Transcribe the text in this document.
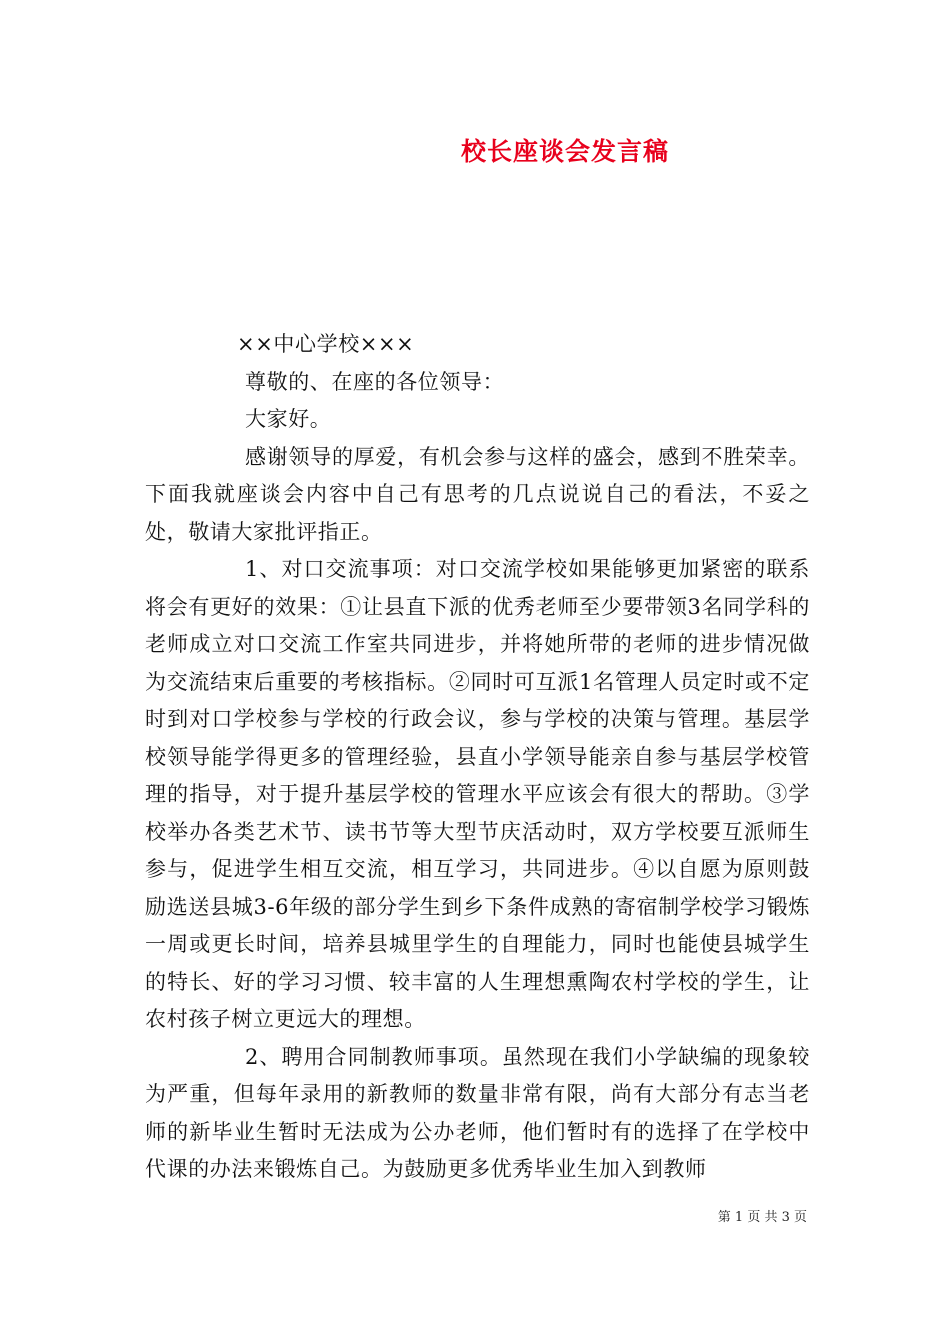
校长座谈会发言稿

××中心学校×××

尊敬的、在座的各位领导：

大家好。

感谢领导的厚爱，有机会参与这样的盛会，感到不胜荣幸。下面我就座谈会内容中自己有思考的几点说说自己的看法，不妥之处，敬请大家批评指正。

1、对口交流事项：对口交流学校如果能够更加紧密的联系将会有更好的效果：①让县直下派的优秀老师至少要带领3名同学科的老师成立对口交流工作室共同进步，并将她所带的老师的进步情况做为交流结束后重要的考核指标。②同时可互派1名管理人员定时或不定时到对口学校参与学校的行政会议，参与学校的决策与管理。基层学校领导能学得更多的管理经验，县直小学领导能亲自参与基层学校管理的指导，对于提升基层学校的管理水平应该会有很大的帮助。③学校举办各类艺术节、读书节等大型节庆活动时，双方学校要互派师生参与，促进学生相互交流，相互学习，共同进步。④以自愿为原则鼓励选送县城3-6年级的部分学生到乡下条件成熟的寄宿制学校学习锻炼一周或更长时间，培养县城里学生的自理能力，同时也能使县城学生的特长、好的学习习惯、较丰富的人生理想熏陶农村学校的学生，让农村孩子树立更远大的理想。

2、聘用合同制教师事项。虽然现在我们小学缺编的现象较为严重，但每年录用的新教师的数量非常有限，尚有大部分有志当老师的新毕业生暂时无法成为公办老师，他们暂时有的选择了在学校中代课的办法来锻炼自己。为鼓励更多优秀毕业生加入到教师

第 1 页 共 3 页
